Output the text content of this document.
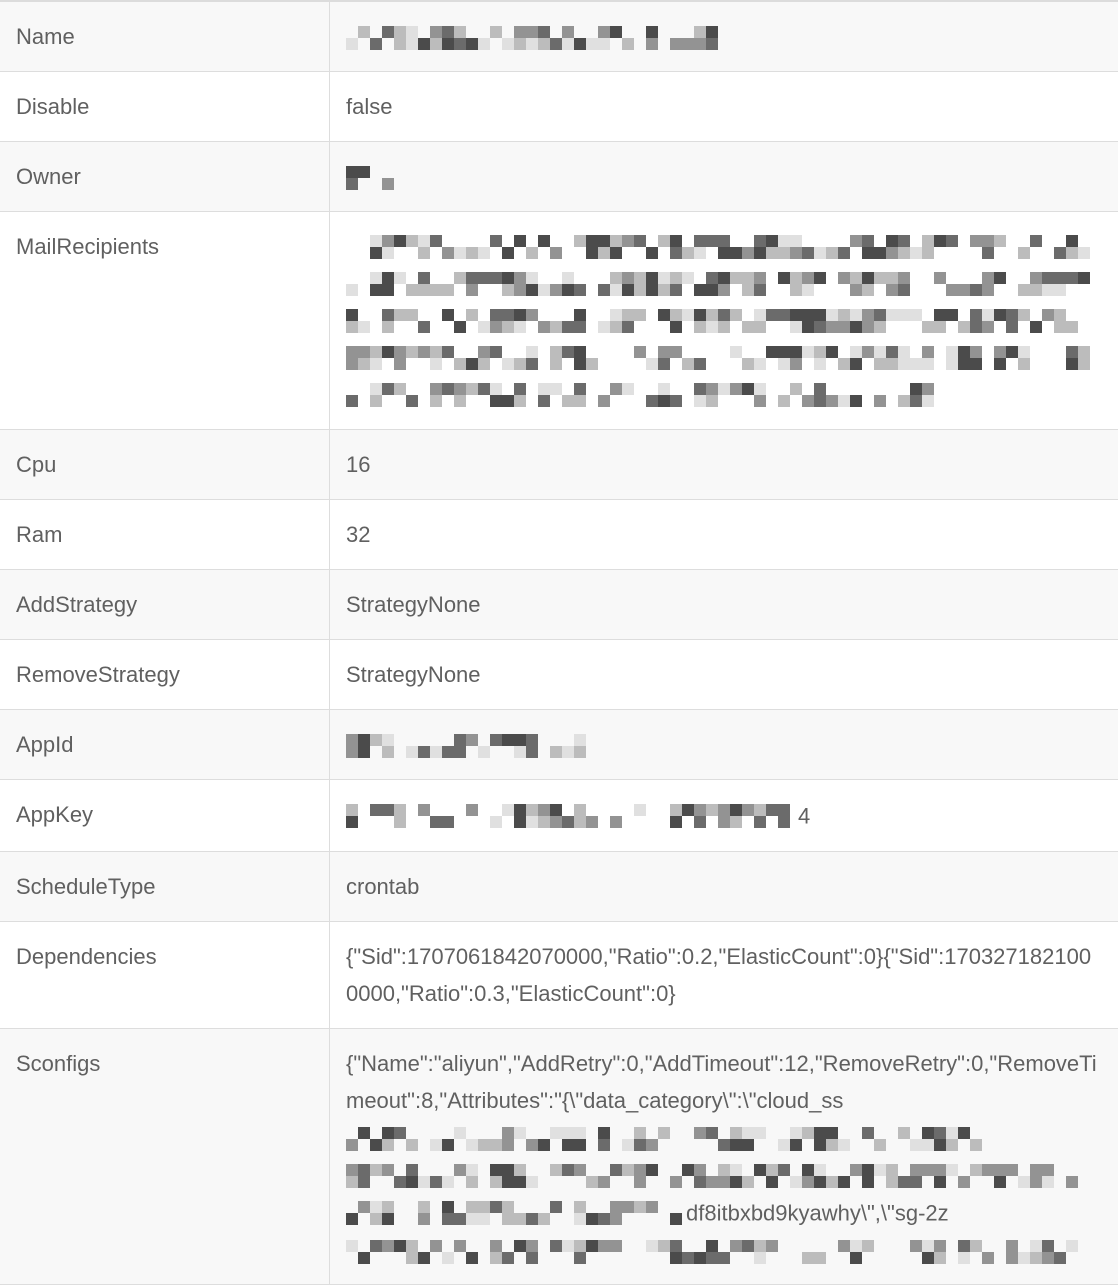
Name
Disable	false
Owner
MailRecipients
Cpu	16
Ram	32
AddStrategy	StrategyNone
RemoveStrategy	StrategyNone
AppId
AppKey	4
ScheduleType	crontab
Dependencies	{"Sid":1707061842070000,"Ratio":0.2,"ElasticCount":0}{"Sid":1703271821000000,"Ratio":0.3,"ElasticCount":0}
Sconfigs	{"Name":"aliyun","AddRetry":0,"AddTimeout":12,"RemoveRetry":0,"RemoveTimeout":8,"Attributes":"{\"data_category\":\"cloud_ss

df8itbxbd9kyawhy\",\"sg-2z
